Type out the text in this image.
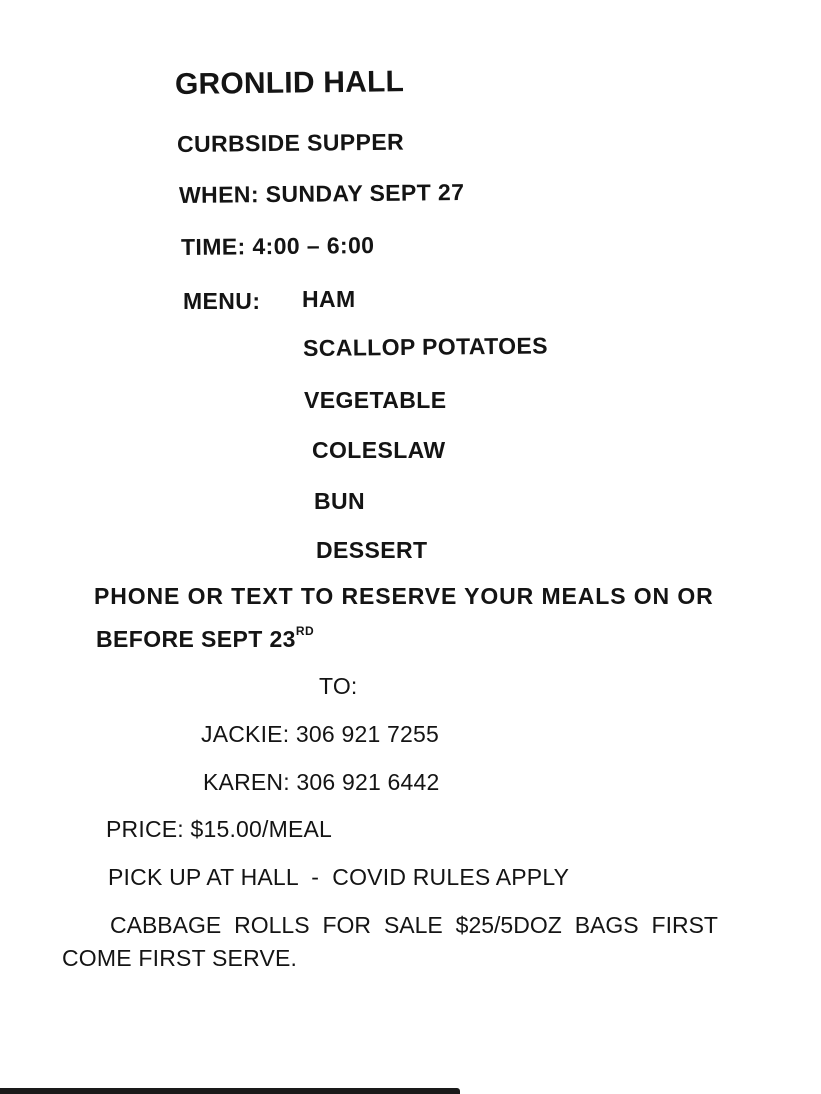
GRONLID HALL
CURBSIDE SUPPER
WHEN: SUNDAY SEPT 27
TIME: 4:00 – 6:00
MENU: HAM
SCALLOP POTATOES
VEGETABLE
COLESLAW
BUN
DESSERT
PHONE OR TEXT TO RESERVE YOUR MEALS ON OR
BEFORE SEPT 23RD
TO:
JACKIE: 306 921 7255
KAREN: 306 921 6442
PRICE: $15.00/MEAL
PICK UP AT HALL  -  COVID RULES APPLY
CABBAGE ROLLS FOR SALE $25/5DOZ BAGS FIRST
COME FIRST SERVE.
